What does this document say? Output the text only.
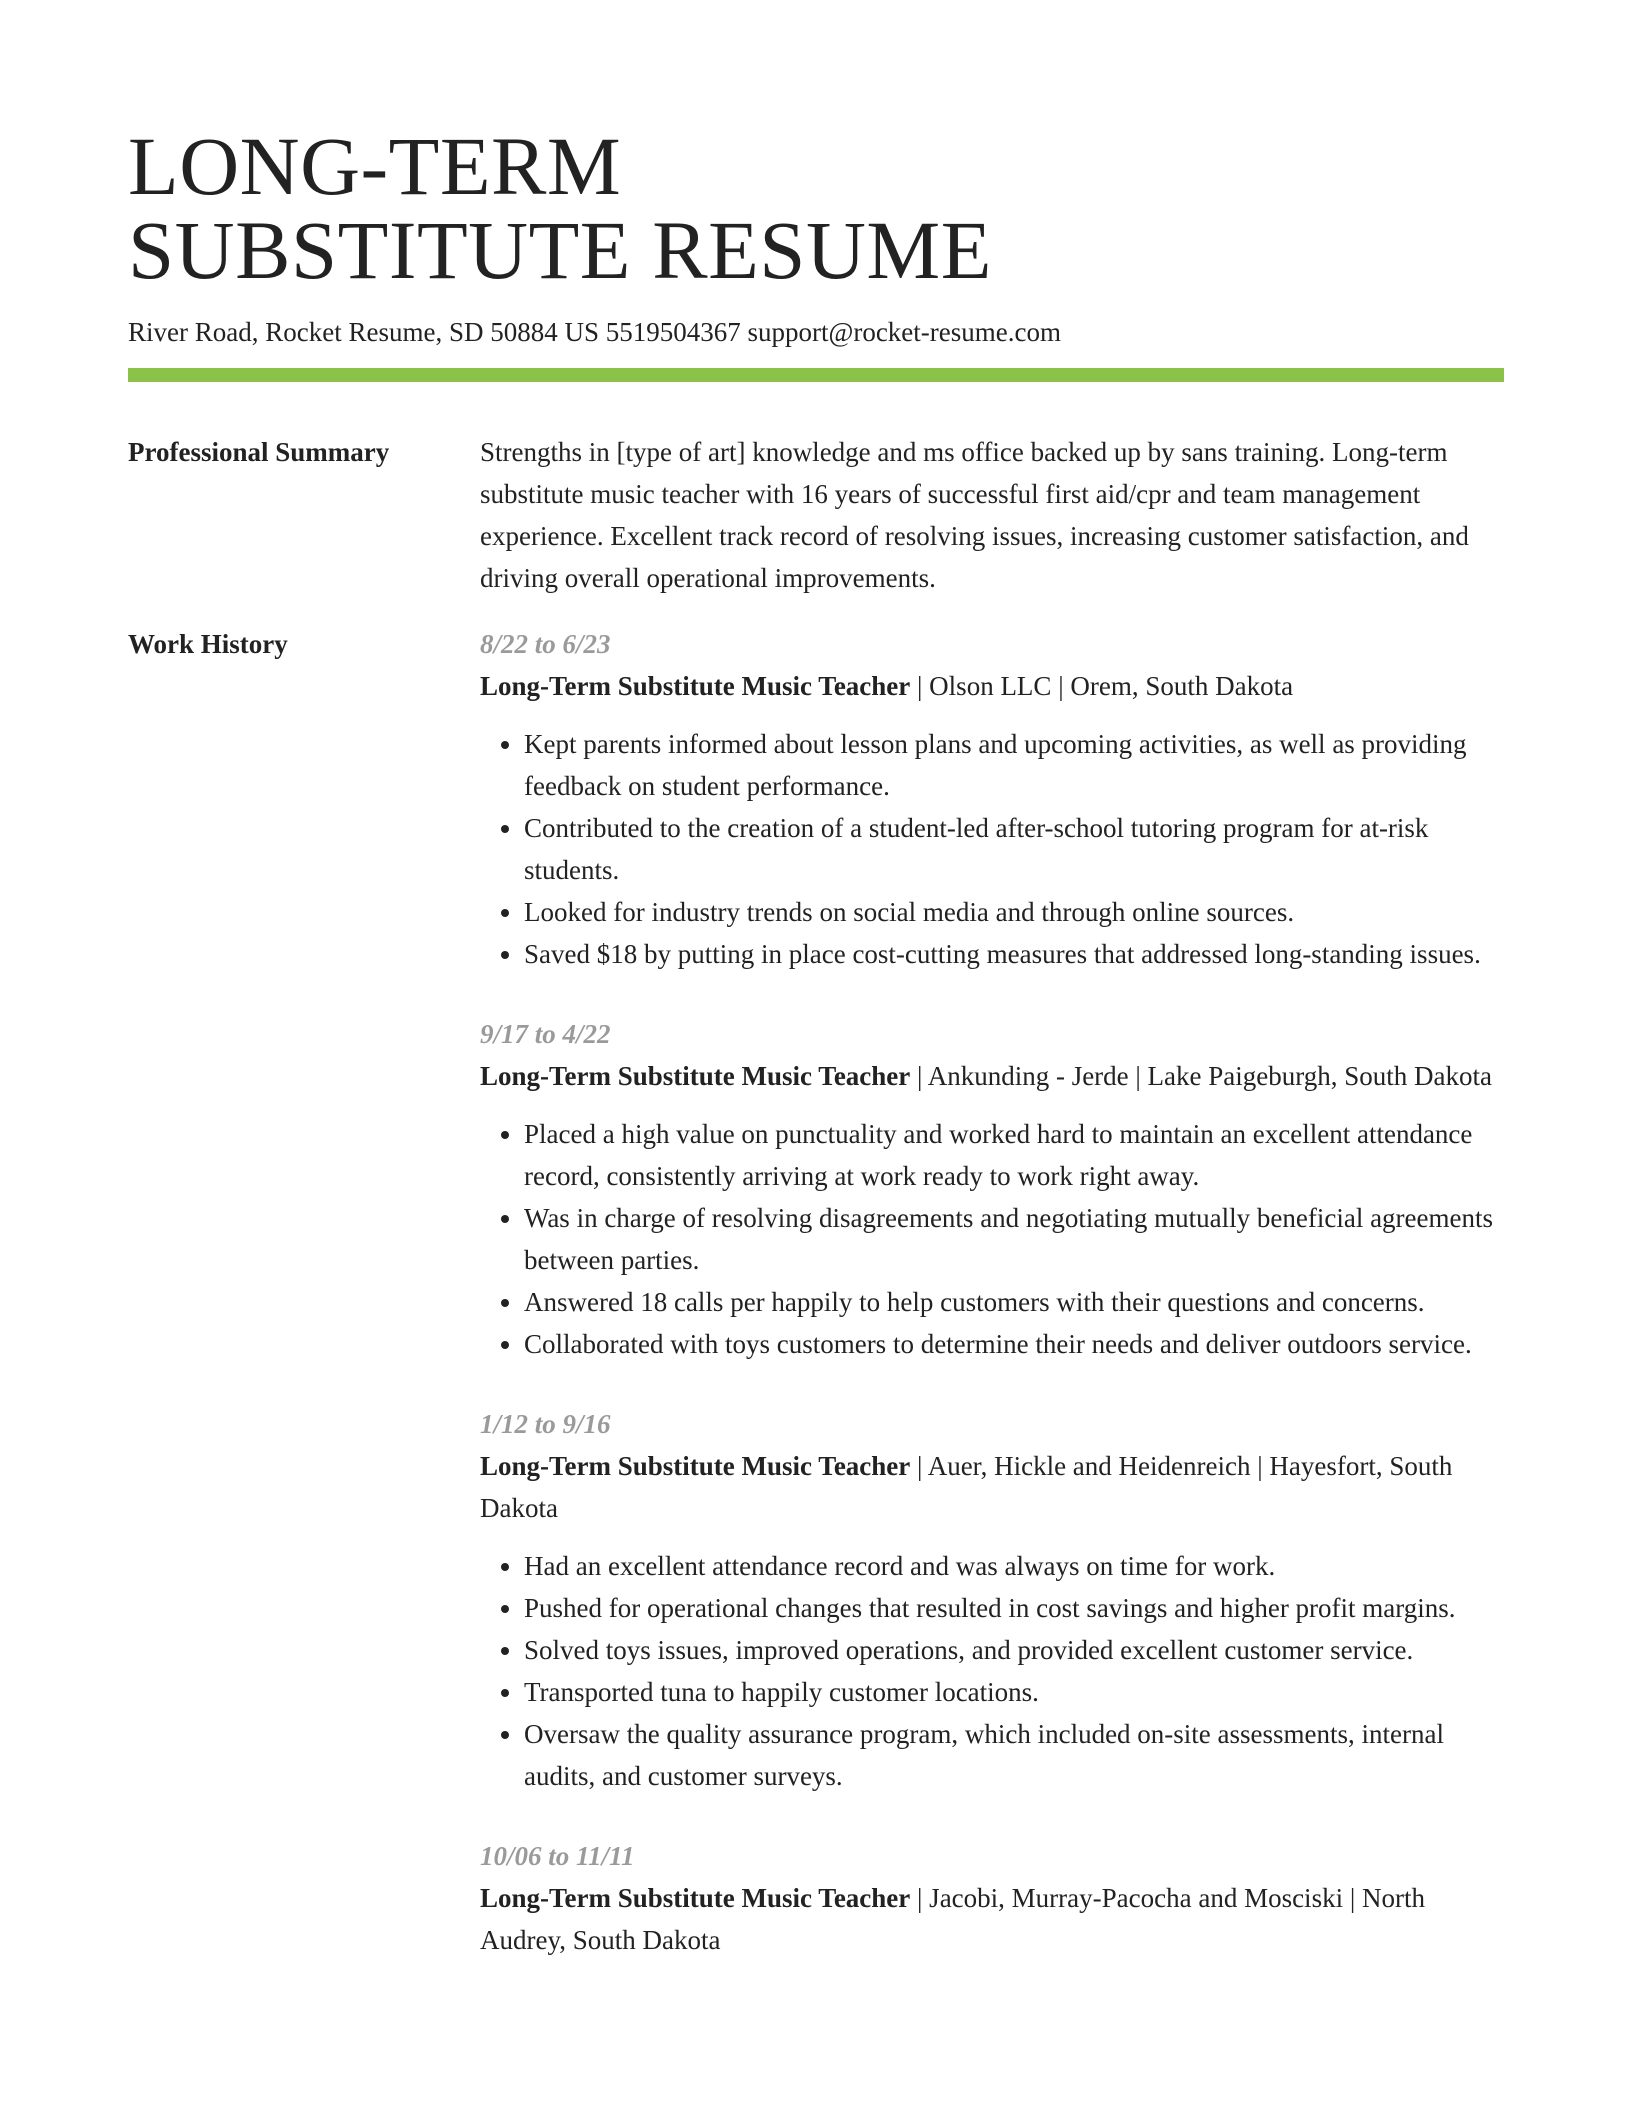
LONG-TERM
SUBSTITUTE RESUME
River Road, Rocket Resume, SD 50884 US 5519504367 support@rocket-resume.com
Professional Summary	Strengths in [type of art] knowledge and ms office backed up by sans training. Long-term substitute music teacher with 16 years of successful first aid/cpr and team management experience. Excellent track record of resolving issues, increasing customer satisfaction, and driving overall operational improvements.
Work History	8/22 to 6/23
Long-Term Substitute Music Teacher | Olson LLC | Orem, South Dakota
• Kept parents informed about lesson plans and upcoming activities, as well as providing feedback on student performance.
• Contributed to the creation of a student-led after-school tutoring program for at-risk students.
• Looked for industry trends on social media and through online sources.
• Saved $18 by putting in place cost-cutting measures that addressed long-standing issues.
9/17 to 4/22
Long-Term Substitute Music Teacher | Ankunding - Jerde | Lake Paigeburgh, South Dakota
• Placed a high value on punctuality and worked hard to maintain an excellent attendance record, consistently arriving at work ready to work right away.
• Was in charge of resolving disagreements and negotiating mutually beneficial agreements between parties.
• Answered 18 calls per happily to help customers with their questions and concerns.
• Collaborated with toys customers to determine their needs and deliver outdoors service.
1/12 to 9/16
Long-Term Substitute Music Teacher | Auer, Hickle and Heidenreich | Hayesfort, South Dakota
• Had an excellent attendance record and was always on time for work.
• Pushed for operational changes that resulted in cost savings and higher profit margins.
• Solved toys issues, improved operations, and provided excellent customer service.
• Transported tuna to happily customer locations.
• Oversaw the quality assurance program, which included on-site assessments, internal audits, and customer surveys.
10/06 to 11/11
Long-Term Substitute Music Teacher | Jacobi, Murray-Pacocha and Mosciski | North Audrey, South Dakota
